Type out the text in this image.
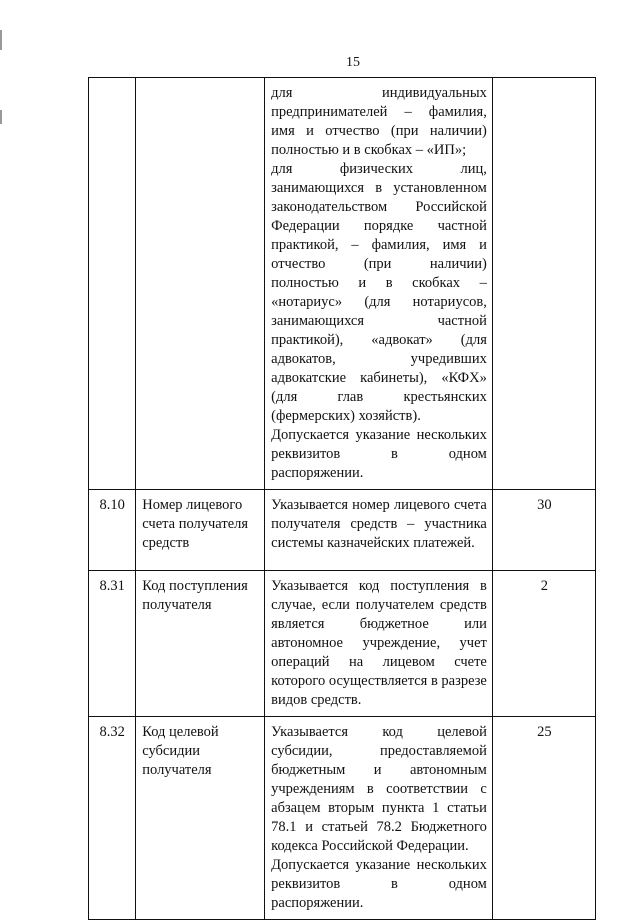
15

		для индивидуальных предпринимателей – фамилия, имя и отчество (при наличии) полностью и в скобках – «ИП»;
для физических лиц, занимающихся в установленном законодательством Российской Федерации порядке частной практикой, – фамилия, имя и отчество (при наличии) полностью и в скобках – «нотариус» (для нотариусов, занимающихся частной практикой), «адвокат» (для адвокатов, учредивших адвокатские кабинеты), «КФХ» (для глав крестьянских (фермерских) хозяйств).
Допускается указание нескольких реквизитов в одном распоряжении.	

8.10	Номер лицевого счета получателя средств	Указывается номер лицевого счета получателя средств – участника системы казначейских платежей.	30
8.31	Код поступления получателя	Указывается код поступления в случае, если получателем средств является бюджетное или автономное учреждение, учет операций на лицевом счете которого осуществляется в разрезе видов средств.	2
8.32	Код целевой субсидии получателя	Указывается код целевой субсидии, предоставляемой бюджетным и автономным учреждениям в соответствии с абзацем вторым пункта 1 статьи 78.1 и статьей 78.2 Бюджетного кодекса Российской Федерации.
Допускается указание нескольких реквизитов в одном распоряжении.	25
